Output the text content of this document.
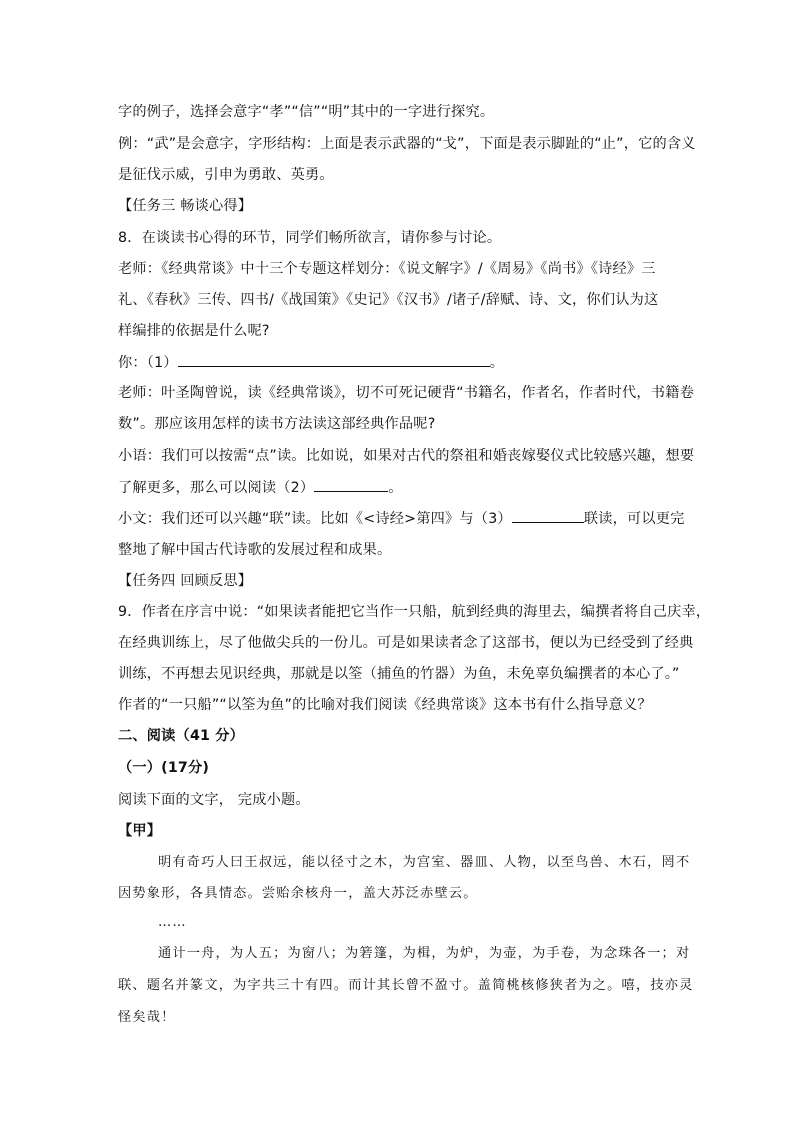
字的例子，选择会意字“孝”“信”“明”其中的一字进行探究。
例：“武”是会意字，字形结构：上面是表示武器的“戈”，下面是表示脚趾的“止”，它的含义
是征伐示威，引申为勇敢、英勇。
【任务三 畅谈心得】
8．在谈读书心得的环节，同学们畅所欲言，请你参与讨论。
老师：《经典常谈》中十三个专题这样划分：《说文解字》/《周易》《尚书》《诗经》三
礼、《春秋》三传、四书/《战国策》《史记》《汉书》/诸子/辞赋、诗、文，你们认为这
样编排的依据是什么呢?
你：（1）	。
老师：叶圣陶曾说，读《经典常谈》，切不可死记硬背“书籍名，作者名，作者时代，书籍卷
数”。那应该用怎样的读书方法读这部经典作品呢?
小语：我们可以按需“点”读。比如说，如果对古代的祭祖和婚丧嫁娶仪式比较感兴趣，想要
了解更多，那么可以阅读（2）	。
小文：我们还可以兴趣“联”读。比如《<诗经>第四》与（3）	联读，可以更完
整地了解中国古代诗歌的发展过程和成果。
【任务四 回顾反思】
9．作者在序言中说：“如果读者能把它当作一只船，航到经典的海里去，编撰者将自己庆幸，
在经典训练上，尽了他做尖兵的一份儿。可是如果读者念了这部书，便以为已经受到了经典
训练，不再想去见识经典，那就是以筌（捕鱼的竹器）为鱼，未免辜负编撰者的本心了。”
作者的“一只船”“以筌为鱼”的比喻对我们阅读《经典常谈》这本书有什么指导意义？
二、阅读（41 分）
（一）(17分)
阅读下面的文字， 完成小题。
【甲】
明有奇巧人曰王叔远，能以径寸之木，为宫室、器皿、人物，以至鸟兽、木石，罔不
因势象形，各具情态。尝贻余核舟一，盖大苏泛赤壁云。
……
通计一舟，为人五；为窗八；为箬篷，为楫，为炉，为壶，为手卷，为念珠各一；对
联、题名并篆文，为字共三十有四。而计其长曾不盈寸。盖简桃核修狭者为之。嘻，技亦灵
怪矣哉！
